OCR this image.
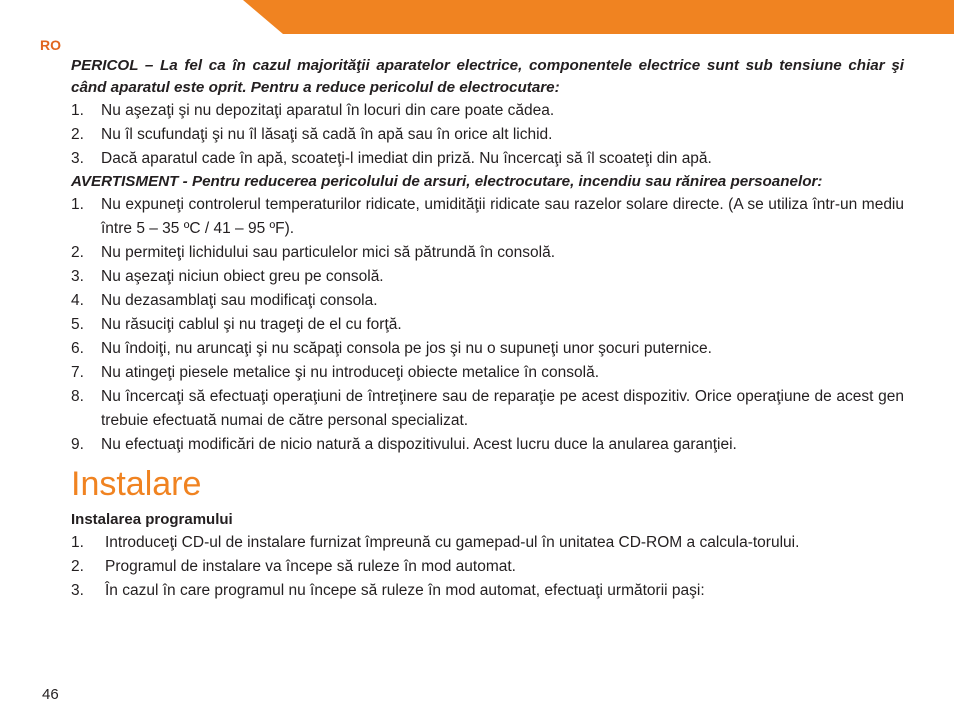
RO

PERICOL – La fel ca în cazul majorităţii aparatelor electrice, componentele electrice sunt sub tensiune chiar şi când aparatul este oprit. Pentru a reduce pericolul de electrocutare:

1. Nu aşezaţi şi nu depozitaţi aparatul în locuri din care poate cădea.
2. Nu îl scufundaţi şi nu îl lăsaţi să cadă în apă sau în orice alt lichid.
3. Dacă aparatul cade în apă, scoateţi-l imediat din priză. Nu încercaţi să îl scoateţi din apă.

AVERTISMENT - Pentru reducerea pericolului de arsuri, electrocutare, incendiu sau rănirea persoanelor:

1. Nu expuneţi controlerul temperaturilor ridicate, umidităţii ridicate sau razelor solare directe. (A se utiliza într-un mediu între 5 – 35 ºC / 41 – 95 ºF).
2. Nu permiteţi lichidului sau particulelor mici să pătrundă în consolă.
3. Nu aşezaţi niciun obiect greu pe consolă.
4. Nu dezasamblaţi sau modificaţi consola.
5. Nu răsuciţi cablul şi nu trageţi de el cu forţă.
6. Nu îndoiţi, nu aruncaţi şi nu scăpaţi consola pe jos şi nu o supuneţi unor şocuri puternice.
7. Nu atingeţi piesele metalice şi nu introduceţi obiecte metalice în consolă.
8. Nu încercaţi să efectuaţi operaţiuni de întreţinere sau de reparaţie pe acest dispozitiv. Orice operaţiune de acest gen trebuie efectuată numai de către personal specializat.
9. Nu efectuaţi modificări de nicio natură a dispozitivului. Acest lucru duce la anularea garanţiei.
Instalare

Instalarea programului

1. Introduceţi CD-ul de instalare furnizat împreună cu gamepad-ul în unitatea CD-ROM a calcula-torului.
2. Programul de instalare va începe să ruleze în mod automat.
3. În cazul în care programul nu începe să ruleze în mod automat, efectuaţi următorii paşi:
46
